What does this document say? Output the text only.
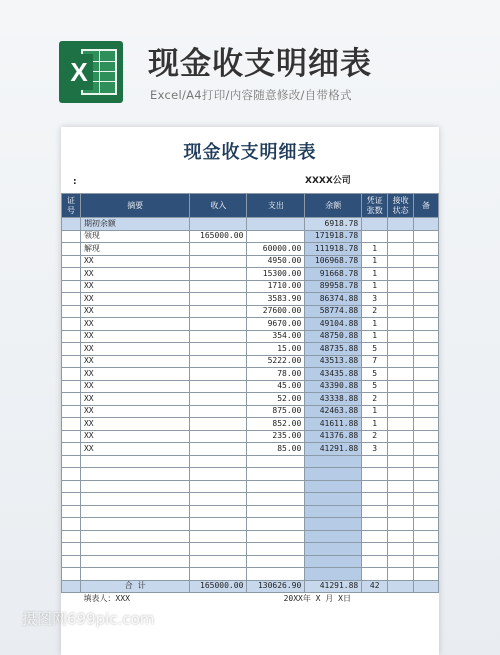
X 现金收支明细表
Excel/A4打印/内容随意修改/自带格式
现金收支明细表
:	XXXX公司
证号	摘要	收入	支出	余额	凭证张数	接收状态	备
	期初余额			6918.78			
	领现	165000.00		171918.78			
	解现		60000.00	111918.78	1		
	XX		4950.00	106968.78	1		
	XX		15300.00	91668.78	1		
	XX		1710.00	89958.78	1		
	XX		3583.90	86374.88	3		
	XX		27600.00	58774.88	2		
	XX		9670.00	49104.88	1		
	XX		354.00	48750.88	1		
	XX		15.00	48735.88	5		
	XX		5222.00	43513.88	7		
	XX		78.00	43435.88	5		
	XX		45.00	43390.88	5		
	XX		52.00	43338.88	2		
	XX		875.00	42463.88	1		
	XX		852.00	41611.88	1		
	XX		235.00	41376.88	2		
	XX		85.00	41291.88	3		

	合 计	165000.00	130626.90	41291.88	42		
	填表人：XXX		20XX年 X 月 X日				
摄图网699pic.com
